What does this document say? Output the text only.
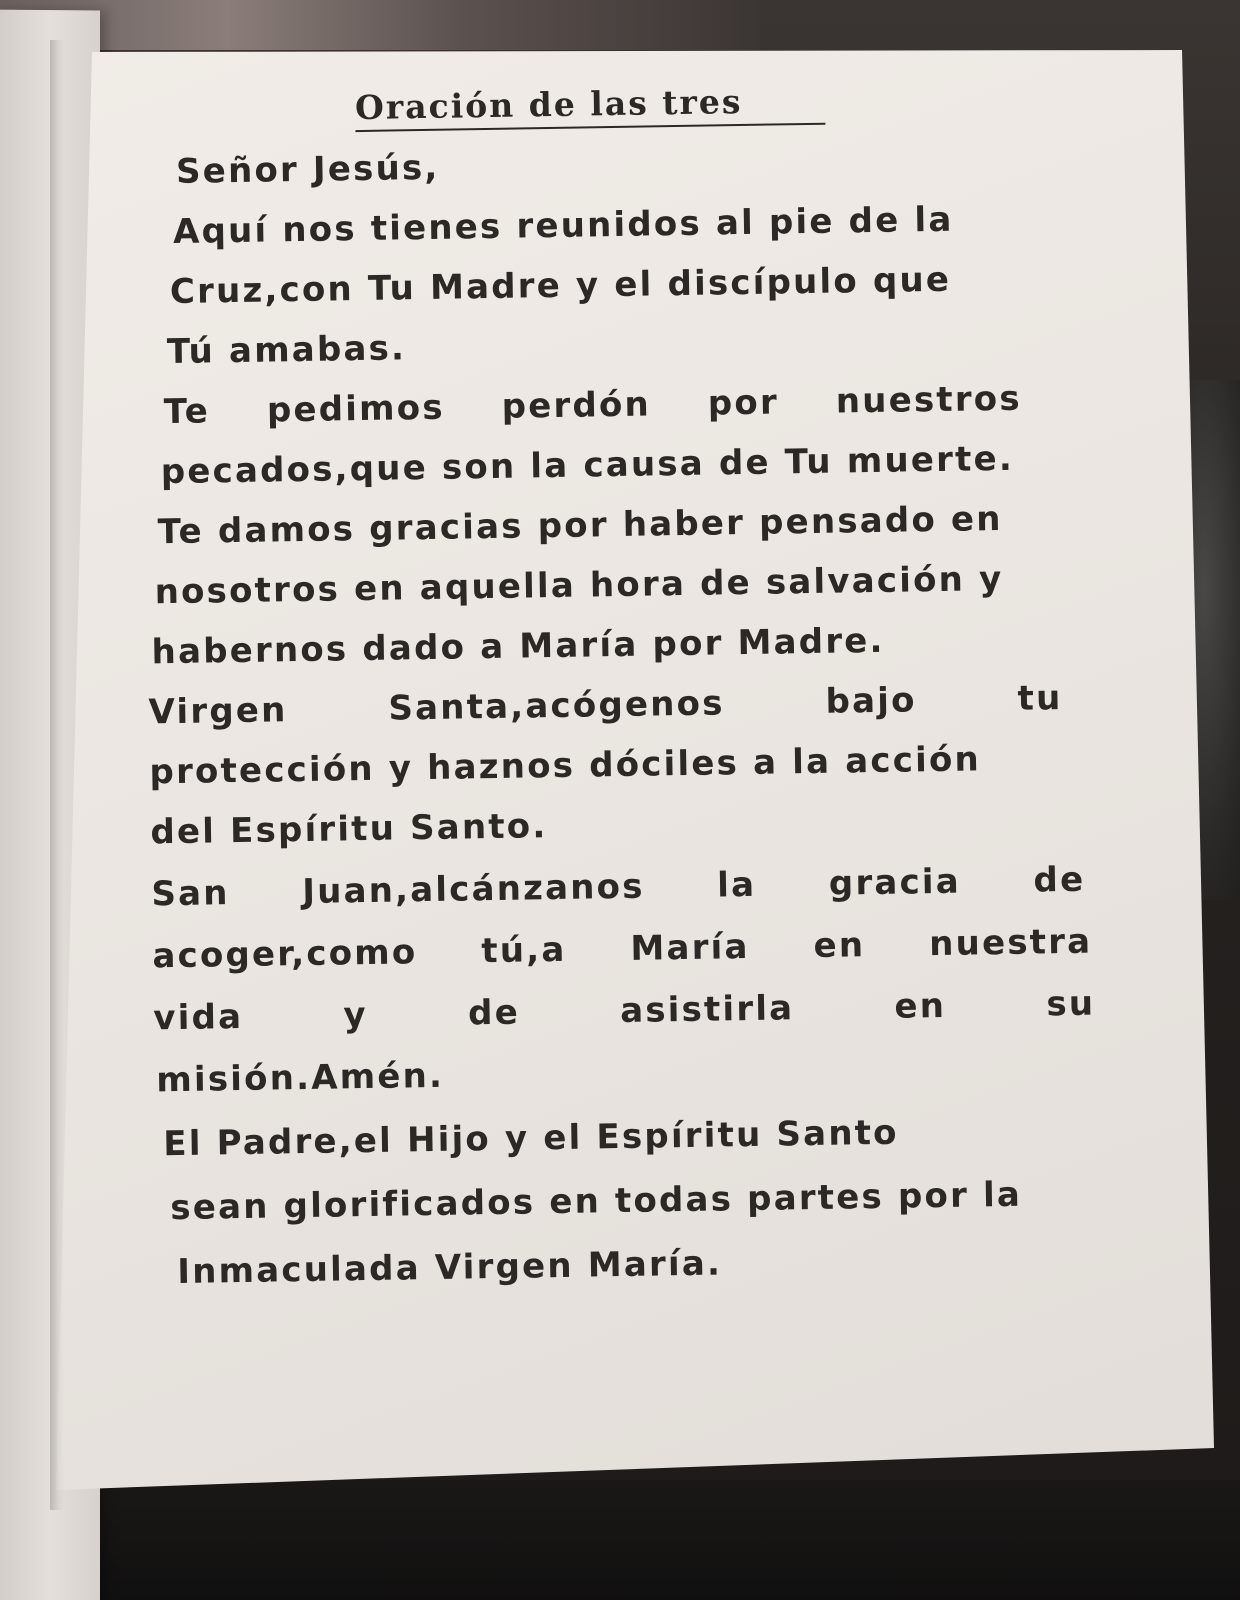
Oración de las tres
Señor Jesús,
Aquí nos tienes reunidos al pie de la
Cruz,con Tu Madre y el discípulo que
Tú amabas.
Te pedimos perdón por nuestros
pecados,que son la causa de Tu muerte.
Te damos gracias por haber pensado en
nosotros en aquella hora de salvación y
habernos dado a María por Madre.
Virgen Santa,acógenos bajo tu
protección y haznos dóciles a la acción
del Espíritu Santo.
San Juan,alcánzanos la gracia de
acoger,como tú,a María en nuestra
vida y de asistirla en su
misión.Amén.
El Padre,el Hijo y el Espíritu Santo
sean glorificados en todas partes por la
Inmaculada Virgen María.
